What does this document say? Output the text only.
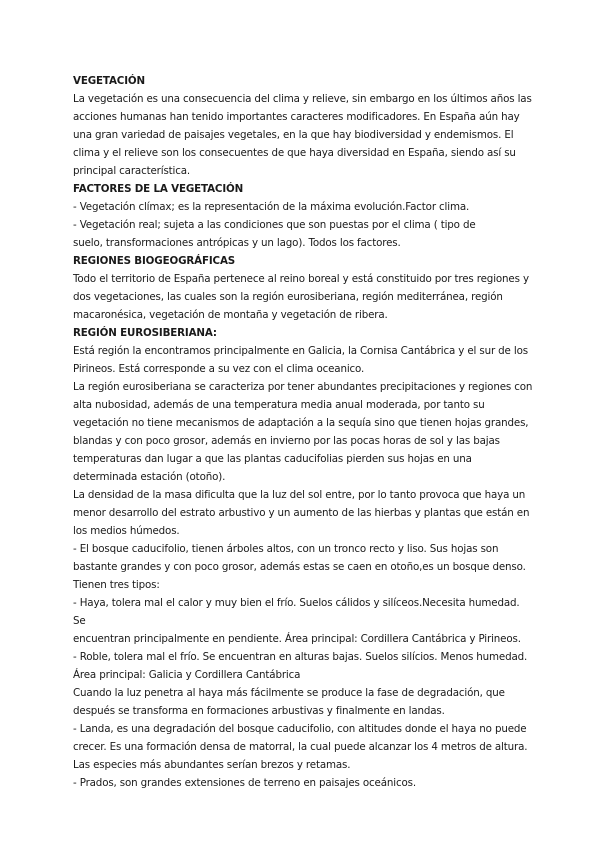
VEGETACIÓN

La vegetación es una consecuencia del clima y relieve, sin embargo en los últimos años las

acciones humanas han tenido importantes caracteres modificadores. En España aún hay

una gran variedad de paisajes vegetales, en la que hay biodiversidad y endemismos. El

clima y el relieve son los consecuentes de que haya diversidad en España, siendo así su

principal característica.

FACTORES DE LA VEGETACIÓN

- Vegetación clímax; es la representación de la máxima evolución.Factor clima.

- Vegetación real; sujeta a las condiciones que son puestas por el clima ( tipo de

suelo, transformaciones antrópicas y un lago). Todos los factores.

REGIONES BIOGEOGRÁFICAS

Todo el territorio de España pertenece al reino boreal y está constituido por tres regiones y

dos vegetaciones, las cuales son la región eurosiberiana, región mediterránea, región

macaronésica, vegetación de montaña y vegetación de ribera.

REGIÓN EUROSIBERIANA:

Está región la encontramos principalmente en Galicia, la Cornisa Cantábrica y el sur de los

Pirineos. Está corresponde a su vez con el clima oceanico.

La región eurosiberiana se caracteriza por tener abundantes precipitaciones y regiones con

alta nubosidad, además de una temperatura media anual moderada, por tanto su

vegetación no tiene mecanismos de adaptación a la sequía sino que tienen hojas grandes,

blandas y con poco grosor, además en invierno por las pocas horas de sol y las bajas

temperaturas dan lugar a que las plantas caducifolias pierden sus hojas en una

determinada estación (otoño).

La densidad de la masa dificulta que la luz del sol entre, por lo tanto provoca que haya un

menor desarrollo del estrato arbustivo y un aumento de las hierbas y plantas que están en

los medios húmedos.

- El bosque caducifolio, tienen árboles altos, con un tronco recto y liso. Sus hojas son

bastante grandes y con poco grosor, además estas se caen en otoño,es un bosque denso.

Tienen tres tipos:

- Haya, tolera mal el calor y muy bien el frío. Suelos cálidos y silíceos.Necesita humedad. Se

encuentran principalmente en pendiente. Área principal: Cordillera Cantábrica y Pirineos.

- Roble, tolera mal el frío. Se encuentran en alturas bajas. Suelos silícios. Menos humedad.

Área principal: Galicia y Cordillera Cantábrica

Cuando la luz penetra al haya más fácilmente se produce la fase de degradación, que

después se transforma en formaciones arbustivas y finalmente en landas.

- Landa, es una degradación del bosque caducifolio, con altitudes donde el haya no puede

crecer. Es una formación densa de matorral, la cual puede alcanzar los 4 metros de altura.

Las especies más abundantes serían brezos y retamas.

- Prados, son grandes extensiones de terreno en paisajes oceánicos.
